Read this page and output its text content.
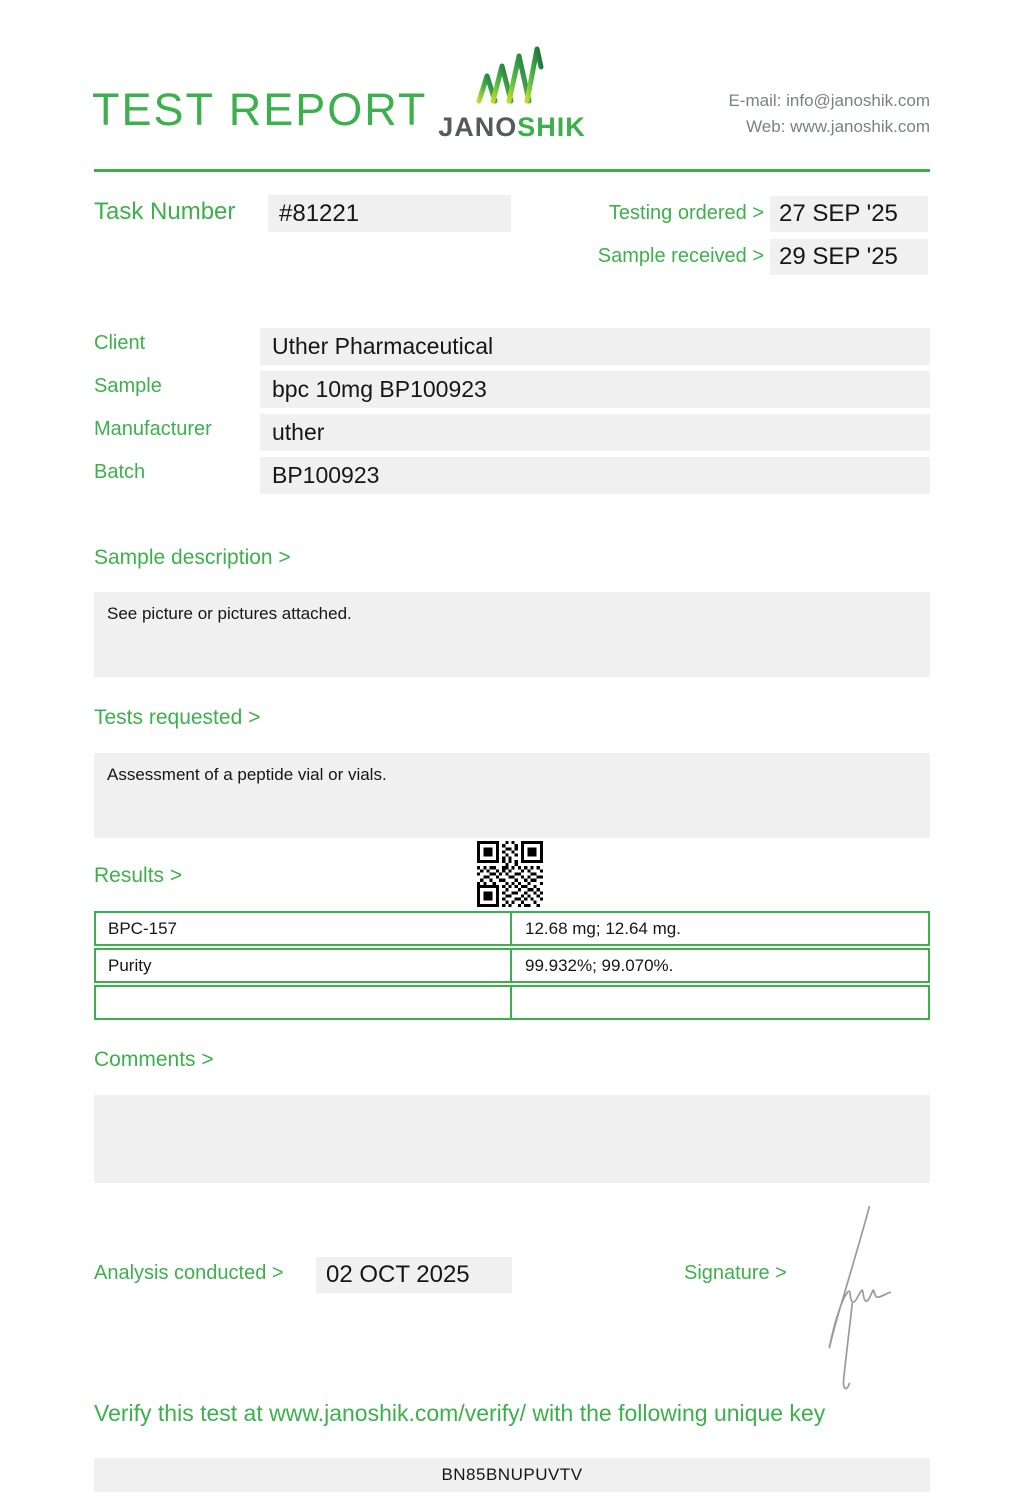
TEST REPORT JANOSHIK
E-mail: info@janoshik.com
Web: www.janoshik.com
Task Number	#81221	Testing ordered > 27 SEP '25
Sample received > 29 SEP '25
Client	Uther Pharmaceutical
Sample	bpc 10mg BP100923
Manufacturer	uther
Batch	BP100923
Sample description >
See picture or pictures attached.
Tests requested >
Assessment of a peptide vial or vials.
Results >
BPC-157	12.68 mg; 12.64 mg.
Purity	99.932%; 99.070%.
Comments >
Analysis conducted >	02 OCT 2025	Signature >
Verify this test at www.janoshik.com/verify/ with the following unique key
BN85BNUPUVTV
